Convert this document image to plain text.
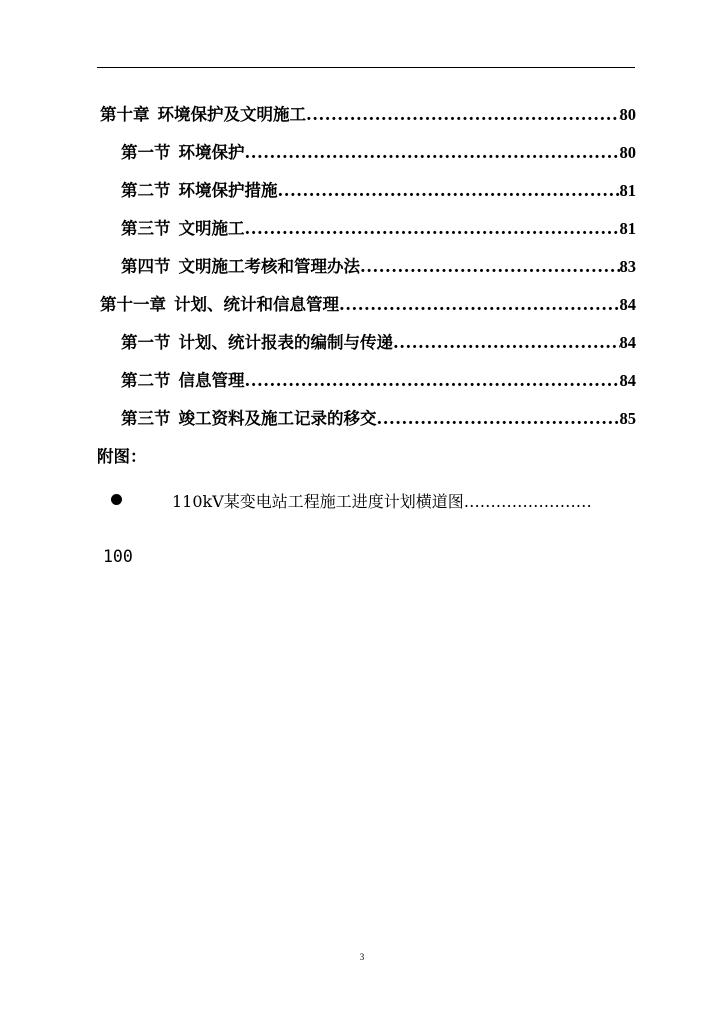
第十章 环境保护及文明施工 .....	80
第一节 环境保护 .....	80
第二节 环境保护措施 .....	81
第三节 文明施工 .....	81
第四节 文明施工考核和管理办法 .....	83
第十一章 计划、统计和信息管理 .....	84
第一节 计划、统计报表的编制与传递 .....	84
第二节 信息管理 .....	84
第三节 竣工资料及施工记录的移交 .....	85
附图：
110kV某变电站工程施工进度计划横道图……………………
100
3
